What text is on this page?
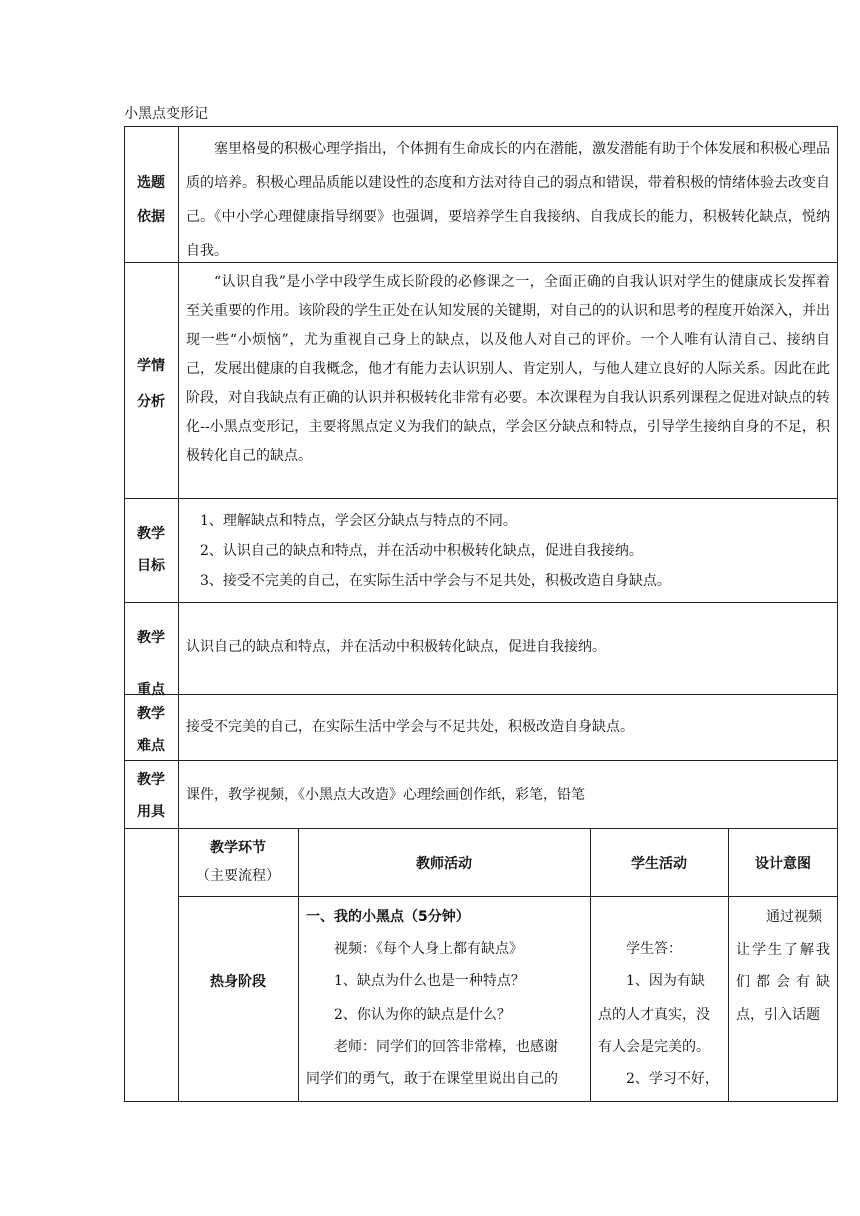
小黑点变形记
选题
依据
塞里格曼的积极心理学指出，个体拥有生命成长的内在潜能，激发潜能有助于个体发展和积极心理品质的培养。积极心理品质能以建设性的态度和方法对待自己的弱点和错误，带着积极的情绪体验去改变自己。《中小学心理健康指导纲要》也强调，要培养学生自我接纳、自我成长的能力，积极转化缺点，悦纳自我。
学情
分析
“认识自我”是小学中段学生成长阶段的必修课之一，全面正确的自我认识对学生的健康成长发挥着至关重要的作用。该阶段的学生正处在认知发展的关键期，对自己的的认识和思考的程度开始深入，并出现一些“小烦恼”，尤为重视自己身上的缺点，以及他人对自己的评价。一个人唯有认清自己、接纳自己，发展出健康的自我概念，他才有能力去认识别人、肯定别人，与他人建立良好的人际关系。因此在此阶段，对自我缺点有正确的认识并积极转化非常有必要。本次课程为自我认识系列课程之促进对缺点的转化--小黑点变形记，主要将黑点定义为我们的缺点，学会区分缺点和特点，引导学生接纳自身的不足，积极转化自己的缺点。
教学
目标
1、理解缺点和特点，学会区分缺点与特点的不同。
2、认识自己的缺点和特点，并在活动中积极转化缺点，促进自我接纳。
3、接受不完美的自己，在实际生活中学会与不足共处，积极改造自身缺点。
教学
重点
认识自己的缺点和特点，并在活动中积极转化缺点，促进自我接纳。
教学
难点
接受不完美的自己，在实际生活中学会与不足共处，积极改造自身缺点。
教学
用具
课件，教学视频，《小黑点大改造》心理绘画创作纸，彩笔，铅笔
教学环节
（主要流程）
教师活动	学生活动	设计意图
热身阶段
一、我的小黑点（5分钟）
视频：《每个人身上都有缺点》
1、缺点为什么也是一种特点？
2、你认为你的缺点是什么？
老师：同学们的回答非常棒，也感谢
同学们的勇气，敢于在课堂里说出自己的
学生答：
1、因为有缺
点的人才真实，没
有人会是完美的。
2、学习不好，
通过视频
让学生了解我
们都会有缺
点，引入话题
